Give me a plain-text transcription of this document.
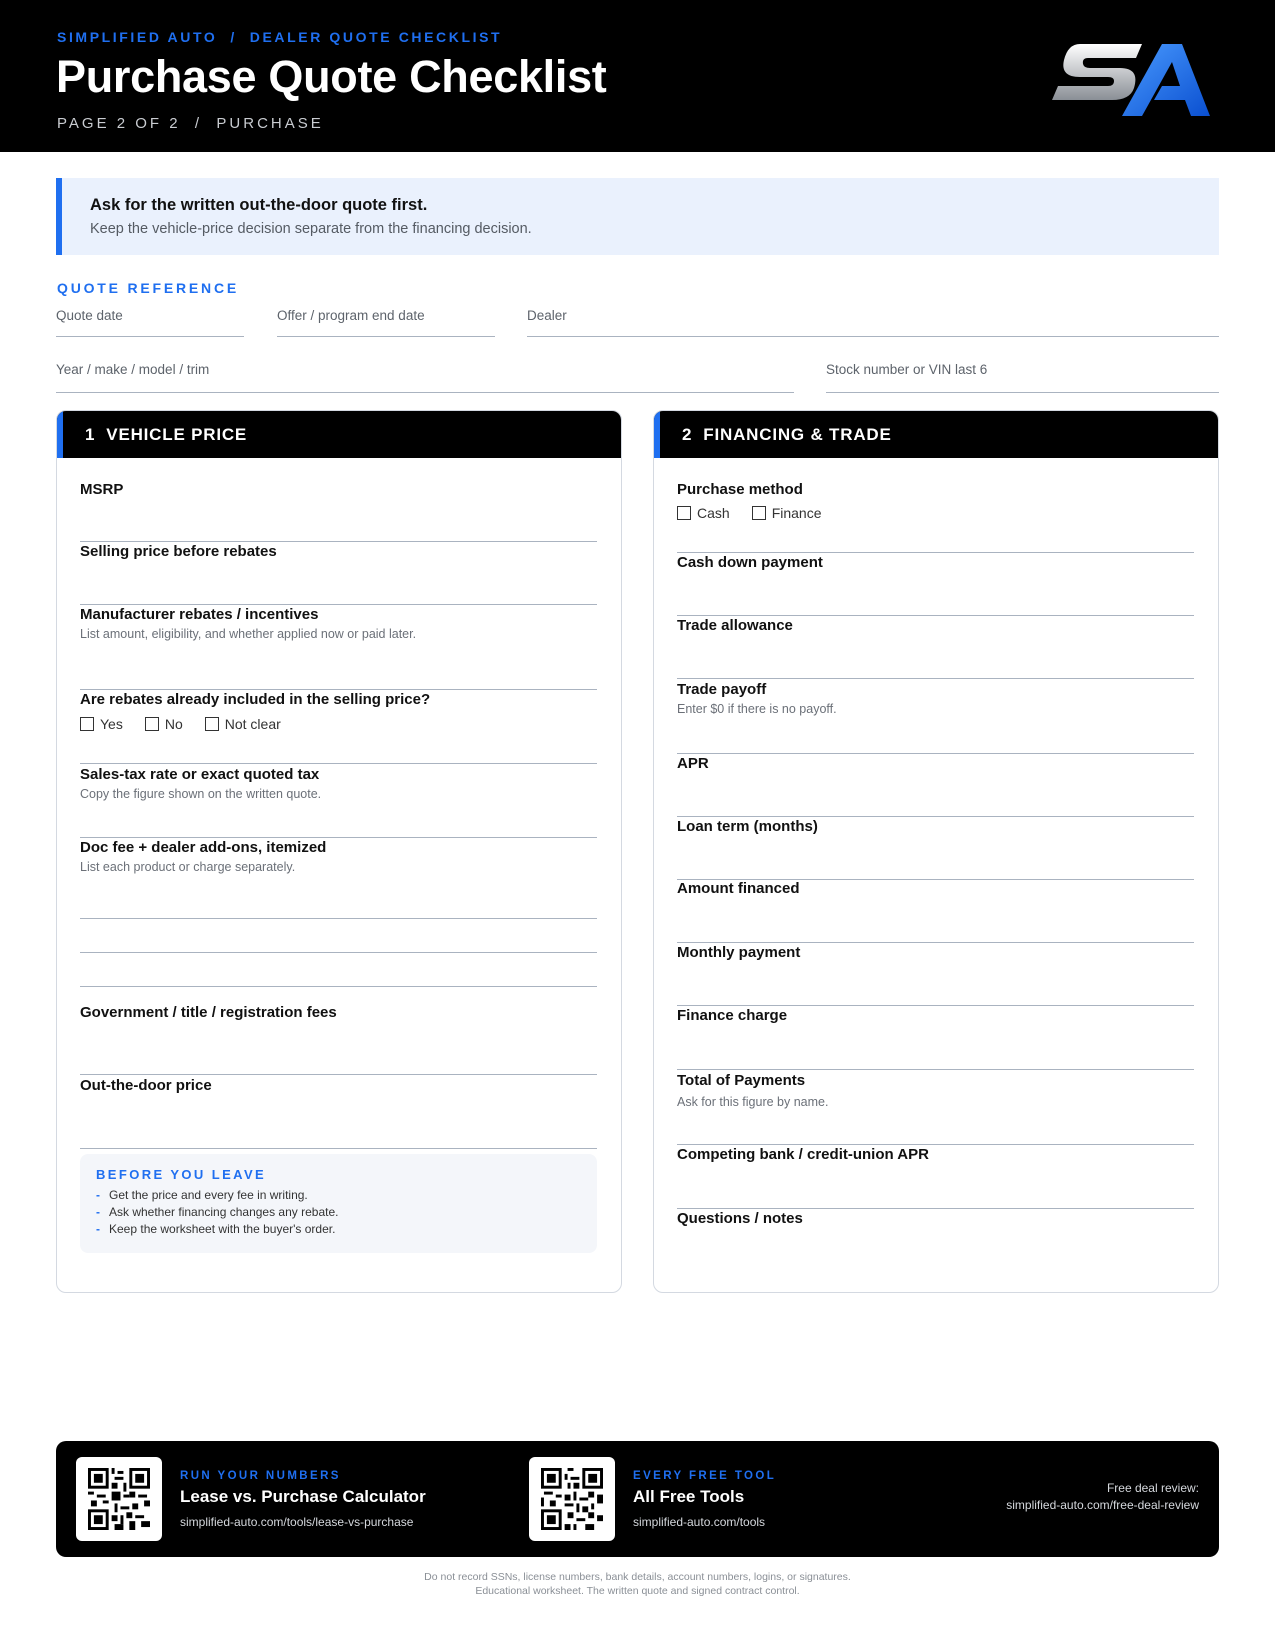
SIMPLIFIED AUTO  /  DEALER QUOTE CHECKLIST
Purchase Quote Checklist
PAGE 2 OF 2  /  PURCHASE
Ask for the written out-the-door quote first.
Keep the vehicle-price decision separate from the financing decision.
QUOTE REFERENCE
Quote date	Offer / program end date	Dealer
Year / make / model / trim	Stock number or VIN last 6
1  VEHICLE PRICE
MSRP
Selling price before rebates
Manufacturer rebates / incentives
List amount, eligibility, and whether applied now or paid later.
Are rebates already included in the selling price?
Yes	No	Not clear
Sales-tax rate or exact quoted tax
Copy the figure shown on the written quote.
Doc fee + dealer add-ons, itemized
List each product or charge separately.
Government / title / registration fees
Out-the-door price
BEFORE YOU LEAVE
- Get the price and every fee in writing.
- Ask whether financing changes any rebate.
- Keep the worksheet with the buyer's order.
2  FINANCING & TRADE
Purchase method
Cash	Finance
Cash down payment
Trade allowance
Trade payoff
Enter $0 if there is no payoff.
APR
Loan term (months)
Amount financed
Monthly payment
Finance charge
Total of Payments
Ask for this figure by name.
Competing bank / credit-union APR
Questions / notes
RUN YOUR NUMBERS
Lease vs. Purchase Calculator
simplified-auto.com/tools/lease-vs-purchase
EVERY FREE TOOL
All Free Tools
simplified-auto.com/tools
Free deal review:
simplified-auto.com/free-deal-review
Do not record SSNs, license numbers, bank details, account numbers, logins, or signatures.
Educational worksheet. The written quote and signed contract control.
